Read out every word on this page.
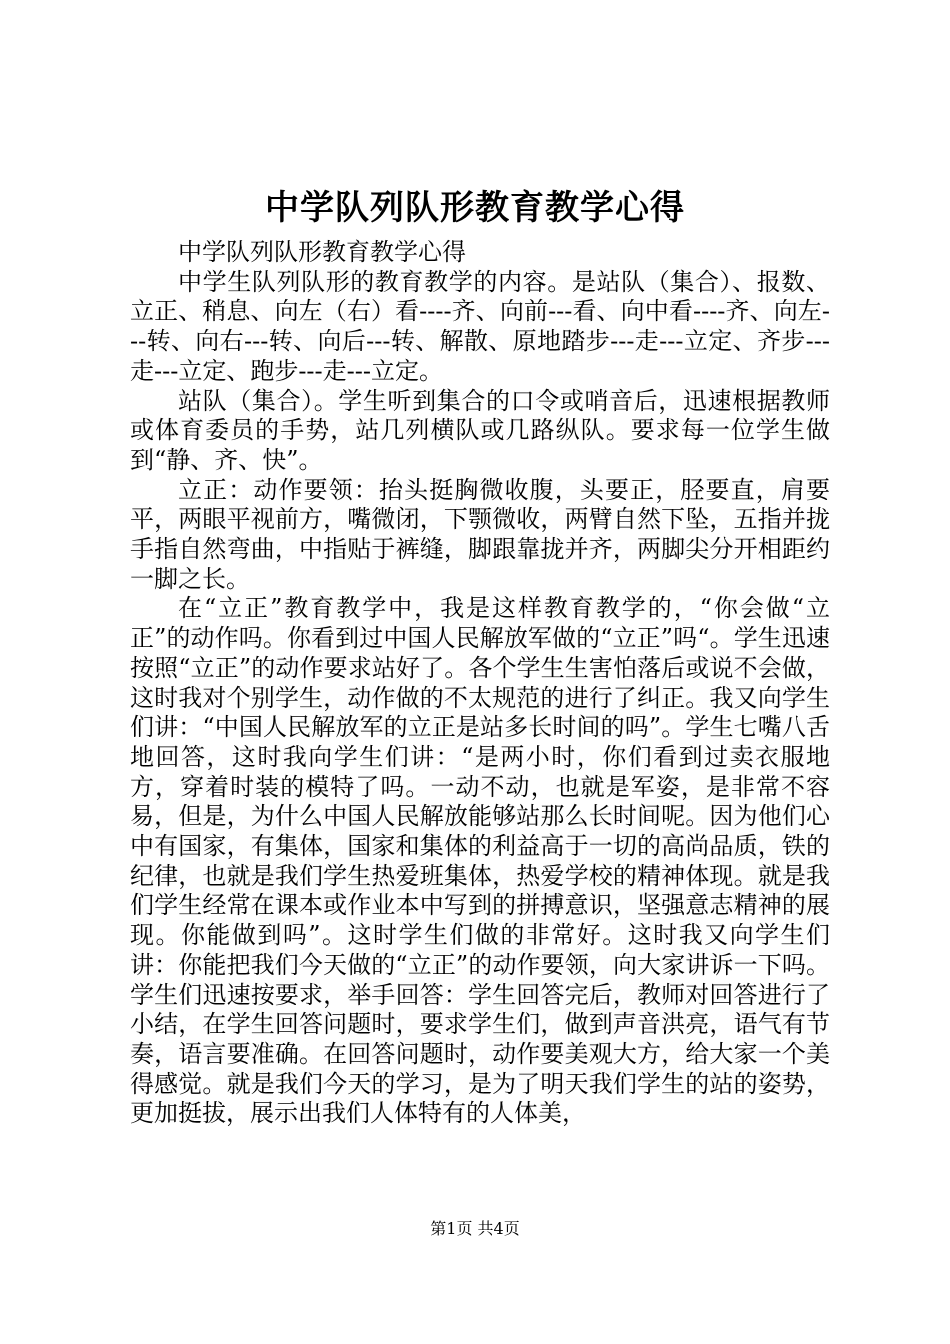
中学队列队形教育教学心得

中学队列队形教育教学心得

中学生队列队形的教育教学的内容。是站队（集合）、报数、立正、稍息、向左（右）看----齐、向前---看、向中看----齐、向左---转、向右---转、向后---转、解散、原地踏步---走---立定、齐步---走---立定、跑步---走---立定。

站队（集合）。学生听到集合的口令或哨音后，迅速根据教师或体育委员的手势，站几列横队或几路纵队。要求每一位学生做到“静、齐、快”。

立正：动作要领：抬头挺胸微收腹，头要正，胫要直，肩要平，两眼平视前方，嘴微闭，下颚微收，两臂自然下坠，五指并拢手指自然弯曲，中指贴于裤缝，脚跟靠拢并齐，两脚尖分开相距约一脚之长。

在“立正”教育教学中，我是这样教育教学的，“你会做“立正”的动作吗。你看到过中国人民解放军做的“立正”吗“。学生迅速按照“立正”的动作要求站好了。各个学生生害怕落后或说不会做，这时我对个别学生，动作做的不太规范的进行了纠正。我又向学生们讲：“中国人民解放军的立正是站多长时间的吗”。学生七嘴八舌地回答，这时我向学生们讲：“是两小时，你们看到过卖衣服地方，穿着时装的模特了吗。一动不动，也就是军姿，是非常不容易，但是，为什么中国人民解放能够站那么长时间呢。因为他们心中有国家，有集体，国家和集体的利益高于一切的高尚品质，铁的纪律，也就是我们学生热爱班集体，热爱学校的精神体现。就是我们学生经常在课本或作业本中写到的拼搏意识，坚强意志精神的展现。你能做到吗”。这时学生们做的非常好。这时我又向学生们讲：你能把我们今天做的“立正”的动作要领，向大家讲诉一下吗。学生们迅速按要求，举手回答：学生回答完后，教师对回答进行了小结，在学生回答问题时，要求学生们，做到声音洪亮，语气有节奏，语言要准确。在回答问题时，动作要美观大方，给大家一个美得感觉。就是我们今天的学习，是为了明天我们学生的站的姿势，更加挺拔，展示出我们人体特有的人体美，

第1页 共4页
